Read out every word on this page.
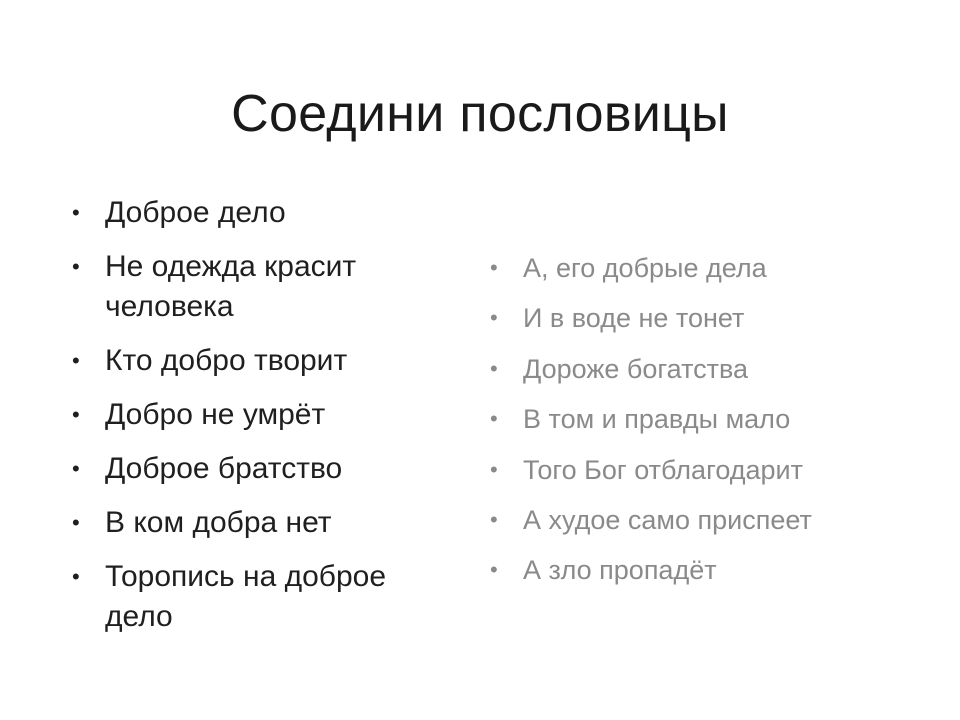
Соедини пословицы
• Доброе дело
• Не одежда красит человека
• Кто добро творит
• Добро не умрёт
• Доброе братство
• В ком добра нет
• Торопись на доброе дело
• А, его добрые дела
• И в воде не тонет
• Дороже богатства
• В том и правды мало
• Того Бог отблагодарит
• А худое само приспеет
• А зло пропадёт
